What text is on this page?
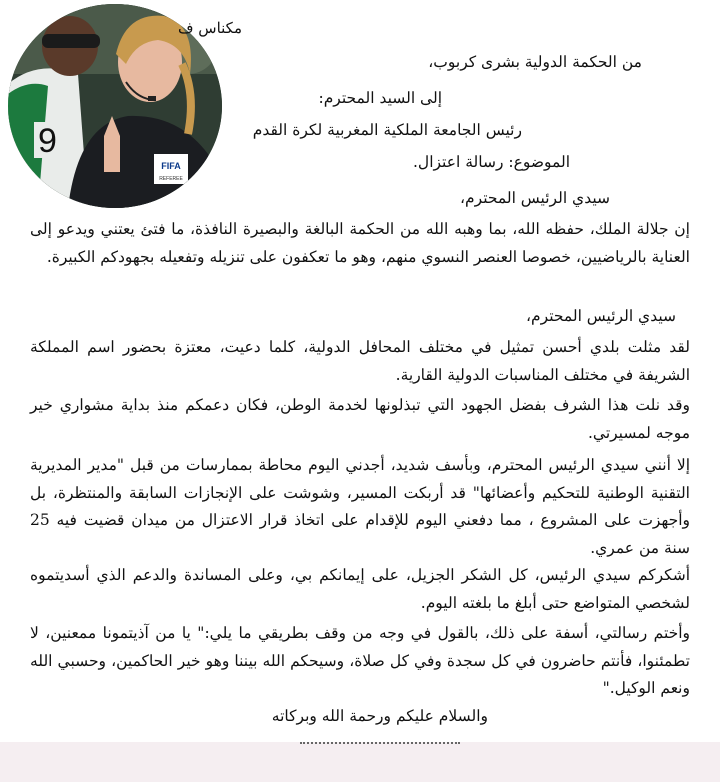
9
FIFA
REFEREE
مكناس ف
من الحكمة الدولية بشرى كربوب،
إلى السيد المحترم:
رئيس الجامعة الملكية المغربية لكرة القدم
الموضوع: رسالة اعتزال.
سيدي الرئيس المحترم،
إن جلالة الملك، حفظه الله، بما وهبه الله من الحكمة البالغة والبصيرة النافذة، ما فتئ يعتني ويدعو إلى العناية بالرياضيين، خصوصا العنصر النسوي منهم، وهو ما تعكفون على تنزيله وتفعيله بجهودكم الكبيرة.
سيدي الرئيس المحترم،
لقد مثلت بلدي أحسن تمثيل في مختلف المحافل الدولية، كلما دعيت، معتزة بحضور اسم المملكة الشريفة في مختلف المناسبات الدولية القارية.
وقد نلت هذا الشرف بفضل الجهود التي تبذلونها لخدمة الوطن، فكان دعمكم منذ بداية مشواري خير موجه لمسيرتي.
إلا أنني سيدي الرئيس المحترم، وبأسف شديد، أجدني اليوم محاطة بممارسات من قبل "مدير المديرية التقنية الوطنية للتحكيم وأعضائها" قد أربكت المسير، وشوشت على الإنجازات السابقة والمنتظرة، بل وأجهزت على المشروع ، مما دفعني اليوم للإقدام على اتخاذ قرار الاعتزال من ميدان قضيت فيه 25 سنة من عمري.
أشكركم سيدي الرئيس، كل الشكر الجزيل، على إيمانكم بي، وعلى المساندة والدعم الذي أسديتموه لشخصي المتواضع حتى أبلغ ما بلغته اليوم.
وأختم رسالتي، أسفة على ذلك، بالقول في وجه من وقف بطريقي ما يلي:" يا من آذيتمونا ممعنين، لا تطمئنوا، فأنتم حاضرون في كل سجدة وفي كل صلاة، وسيحكم الله بيننا وهو خير الحاكمين، وحسبي الله ونعم الوكيل."
والسلام عليكم ورحمة الله وبركاته
